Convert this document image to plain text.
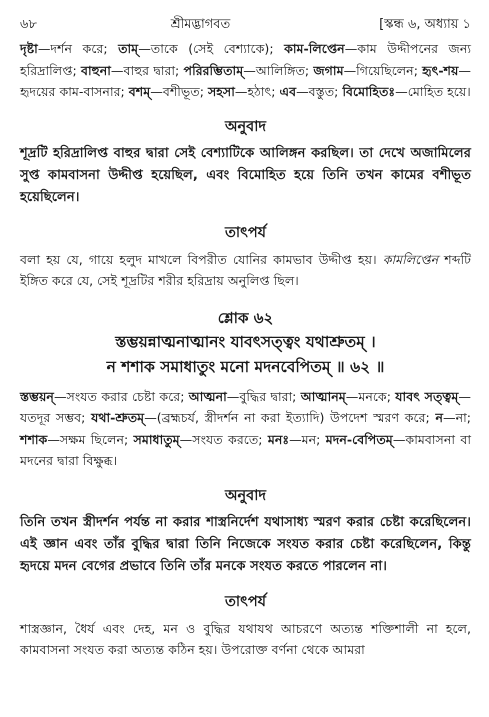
৬৮	শ্রীমদ্ভাগবত	[স্কন্ধ ৬, অধ্যায় ১

দৃষ্টা—দর্শন করে; তাম্—তাকে (সেই বেশ্যাকে); কাম-লিপ্তেন—কাম উদ্দীপনের জন্য হরিদ্রালিপ্ত; বাহুনা—বাহুর দ্বারা; পরিরম্ভিতাম্—আলিঙ্গিত; জগাম—গিয়েছিলেন; হৃৎ-শয়—হৃদয়ের কাম-বাসনার; বশম্—বশীভূত; সহসা—হঠাৎ; এব—বস্তুত; বিমোহিতঃ—মোহিত হয়ে।

অনুবাদ

শূদ্রটি হরিদ্রালিপ্ত বাহুর দ্বারা সেই বেশ্যাটিকে আলিঙ্গন করছিল। তা দেখে অজামিলের সুপ্ত কামবাসনা উদ্দীপ্ত হয়েছিল, এবং বিমোহিত হয়ে তিনি তখন কামের বশীভূত হয়েছিলেন।

তাৎপর্য

বলা হয় যে, গায়ে হলুদ মাখলে বিপরীত যোনির কামভাব উদ্দীপ্ত হয়। কামলিপ্তেন শব্দটি ইঙ্গিত করে যে, সেই শূদ্রটির শরীর হরিদ্রায় অনুলিপ্ত ছিল।

শ্লোক ৬২
স্তম্ভয়ন্নাত্মনাত্মানং যাবৎসত্ত্বং যথাশ্রুতম্ ।
ন শশাক সমাধাতুং মনো মদনবেপিতম্ ॥ ৬২ ॥

স্তম্ভয়ন্—সংযত করার চেষ্টা করে; আত্মনা—বুদ্ধির দ্বারা; আত্মানম্—মনকে; যাবৎ সত্ত্বম্—যতদূর সম্ভব; যথা-শ্রুতম্—(ব্রহ্মচর্য, স্ত্রীদর্শন না করা ইত্যাদি) উপদেশ স্মরণ করে; ন—না; শশাক—সক্ষম ছিলেন; সমাধাতুম্—সংযত করতে; মনঃ—মন; মদন-বেপিতম্—কামবাসনা বা মদনের দ্বারা বিক্ষুব্ধ।

অনুবাদ

তিনি তখন স্ত্রীদর্শন পর্যন্ত না করার শাস্ত্রনির্দেশ যথাসাধ্য স্মরণ করার চেষ্টা করেছিলেন। এই জ্ঞান এবং তাঁর বুদ্ধির দ্বারা তিনি নিজেকে সংযত করার চেষ্টা করেছিলেন, কিন্তু হৃদয়ে মদন বেগের প্রভাবে তিনি তাঁর মনকে সংযত করতে পারলেন না।

তাৎপর্য

শাস্ত্রজ্ঞান, ধৈর্য এবং দেহ, মন ও বুদ্ধির যথাযথ আচরণে অত্যন্ত শক্তিশালী না হলে, কামবাসনা সংযত করা অত্যন্ত কঠিন হয়। উপরোক্ত বর্ণনা থেকে আমরা
